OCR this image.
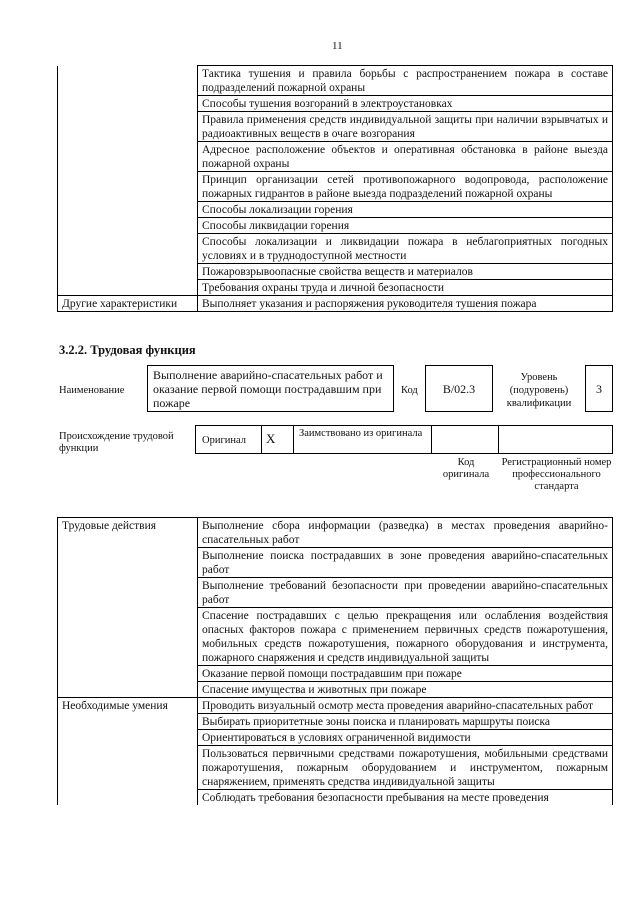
11
	Тактика тушения и правила борьбы с распространением пожара в составе подразделений пожарной охраны
	Способы тушения возгораний в электроустановках
	Правила применения средств индивидуальной защиты при наличии взрывчатых и радиоактивных веществ в очаге возгорания
	Адресное расположение объектов и оперативная обстановка в районе выезда пожарной охраны
	Принцип организации сетей противопожарного водопровода, расположение пожарных гидрантов в районе выезда подразделений пожарной охраны
	Способы локализации горения
	Способы ликвидации горения
	Способы локализации и ликвидации пожара в неблагоприятных погодных условиях и в труднодоступной местности
	Пожаровзрывоопасные свойства веществ и материалов
	Требования охраны труда и личной безопасности
Другие характеристики	Выполняет указания и распоряжения руководителя тушения пожара
3.2.2. Трудовая функция
Наименование
Выполнение аварийно-спасательных работ и оказание первой помощи пострадавшим при пожаре
Код	B/02.3
Уровень (подуровень) квалификации
3
Происхождение трудовой функции
Оригинал X Заимствовано из оригинала
Код оригинала
Регистрационный номер профессионального стандарта
Трудовые действия	Выполнение сбора информации (разведка) в местах проведения аварийно-спасательных работ
	Выполнение поиска пострадавших в зоне проведения аварийно-спасательных работ
	Выполнение требований безопасности при проведении аварийно-спасательных работ
	Спасение пострадавших с целью прекращения или ослабления воздействия опасных факторов пожара с применением первичных средств пожаротушения, мобильных средств пожаротушения, пожарного оборудования и инструмента, пожарного снаряжения и средств индивидуальной защиты
	Оказание первой помощи пострадавшим при пожаре
	Спасение имущества и животных при пожаре
Необходимые умения	Проводить визуальный осмотр места проведения аварийно-спасательных работ
	Выбирать приоритетные зоны поиска и планировать маршруты поиска
	Ориентироваться в условиях ограниченной видимости
	Пользоваться первичными средствами пожаротушения, мобильными средствами пожаротушения, пожарным оборудованием и инструментом, пожарным снаряжением, применять средства индивидуальной защиты
	Соблюдать требования безопасности пребывания на месте проведения
